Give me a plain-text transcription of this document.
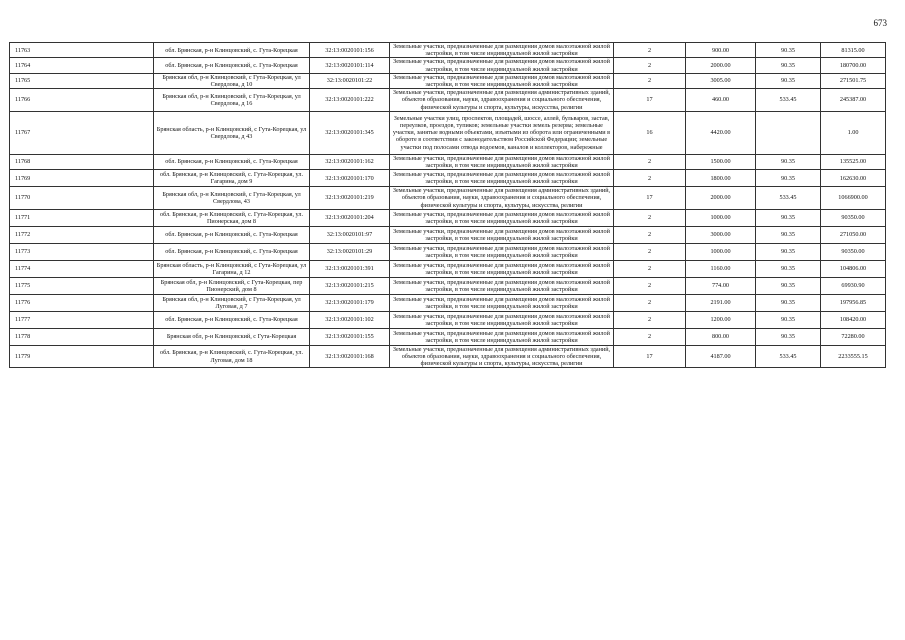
673
11763	обл. Брянская, р-н Клинцовский, с. Гута-Корецкая	32:13:0020101:156	Земельные участки, предназначенные для размещения домов малоэтажной жилой застройки, в том числе индивидуальной жилой застройки	2	900.00	90.35	81315.00
11764	обл. Брянская, р-н Клинцовский, с. Гута-Корецкая	32:13:0020101:114	Земельные участки, предназначенные для размещения домов малоэтажной жилой застройки, в том числе индивидуальной жилой застройки	2	2000.00	90.35	180700.00
11765	Брянская обл, р-н Клинцовский, с Гута-Корецкая, ул Свердлова, д 10	32:13:0020101:22	Земельные участки, предназначенные для размещения домов малоэтажной жилой застройки, в том числе индивидуальной жилой застройки	2	3005.00	90.35	271501.75
11766	Брянская обл, р-н Клинцовский, с Гута-Корецкая, ул Свердлова, д 16	32:13:0020101:222	Земельные участки, предназначенные для размещения административных зданий, объектов образования, науки, здравоохранения и социального обеспечения, физической культуры и спорта, культуры, искусства, религии	17	460.00	533.45	245387.00
11767	Брянская область, р-н Клинцовский, с Гута-Корецкая, ул Свердлова, д 43	32:13:0020101:345	Земельные участки улиц, проспектов, площадей, шоссе, аллей, бульваров, застав, переулков, проездов, тупиков; земельные участки земель резерва; земельные участки, занятые водными объектами, изъятыми из оборота или ограниченными в обороте в соответствии с законодательством Российской Федерации; земельные участки под полосами отвода водоемов, каналов и коллекторов, набережные	16	4420.00		1.00
11768	обл. Брянская, р-н Клинцовский, с. Гута-Корецкая	32:13:0020101:162	Земельные участки, предназначенные для размещения домов малоэтажной жилой застройки, в том числе индивидуальной жилой застройки	2	1500.00	90.35	135525.00
11769	обл. Брянская, р-н Клинцовский, с. Гута-Корецкая, ул. Гагарина, дом 9	32:13:0020101:170	Земельные участки, предназначенные для размещения домов малоэтажной жилой застройки, в том числе индивидуальной жилой застройки	2	1800.00	90.35	162630.00
11770	Брянская обл, р-н Клинцовский, с Гута-Корецкая, ул Свердлова, 43	32:13:0020101:219	Земельные участки, предназначенные для размещения административных зданий, объектов образования, науки, здравоохранения и социального обеспечения, физической культуры и спорта, культуры, искусства, религии	17	2000.00	533.45	1066900.00
11771	обл. Брянская, р-н Клинцовский, с. Гута-Корецкая, ул. Пионерская, дом 8	32:13:0020101:204	Земельные участки, предназначенные для размещения домов малоэтажной жилой застройки, в том числе индивидуальной жилой застройки	2	1000.00	90.35	90350.00
11772	обл. Брянская, р-н Клинцовский, с. Гута-Корецкая	32:13:0020101:97	Земельные участки, предназначенные для размещения домов малоэтажной жилой застройки, в том числе индивидуальной жилой застройки	2	3000.00	90.35	271050.00
11773	обл. Брянская, р-н Клинцовский, с. Гута-Корецкая	32:13:0020101:29	Земельные участки, предназначенные для размещения домов малоэтажной жилой застройки, в том числе индивидуальной жилой застройки	2	1000.00	90.35	90350.00
11774	Брянская область, р-н Клинцовский, с Гута-Корецкая, ул Гагарина, д 12	32:13:0020101:391	Земельные участки, предназначенные для размещения домов малоэтажной жилой застройки, в том числе индивидуальной жилой застройки	2	1160.00	90.35	104806.00
11775	Брянская обл, р-н Клинцовский, с Гута-Корецкая, пер Пионерский, дом 8	32:13:0020101:215	Земельные участки, предназначенные для размещения домов малоэтажной жилой застройки, в том числе индивидуальной жилой застройки	2	774.00	90.35	69930.90
11776	Брянская обл, р-н Клинцовский, с Гута-Корецкая, ул Луговая, д 7	32:13:0020101:179	Земельные участки, предназначенные для размещения домов малоэтажной жилой застройки, в том числе индивидуальной жилой застройки	2	2191.00	90.35	197956.85
11777	обл. Брянская, р-н Клинцовский, с. Гута-Корецкая	32:13:0020101:102	Земельные участки, предназначенные для размещения домов малоэтажной жилой застройки, в том числе индивидуальной жилой застройки	2	1200.00	90.35	108420.00
11778	Брянская обл, р-н Клинцовский, с Гута-Корецкая	32:13:0020101:155	Земельные участки, предназначенные для размещения домов малоэтажной жилой застройки, в том числе индивидуальной жилой застройки	2	800.00	90.35	72280.00
11779	обл. Брянская, р-н Клинцовский, с. Гута-Корецкая, ул. Луговая, дом 18	32:13:0020101:168	Земельные участки, предназначенные для размещения административных зданий, объектов образования, науки, здравоохранения и социального обеспечения, физической культуры и спорта, культуры, искусства, религии	17	4187.00	533.45	2233555.15
